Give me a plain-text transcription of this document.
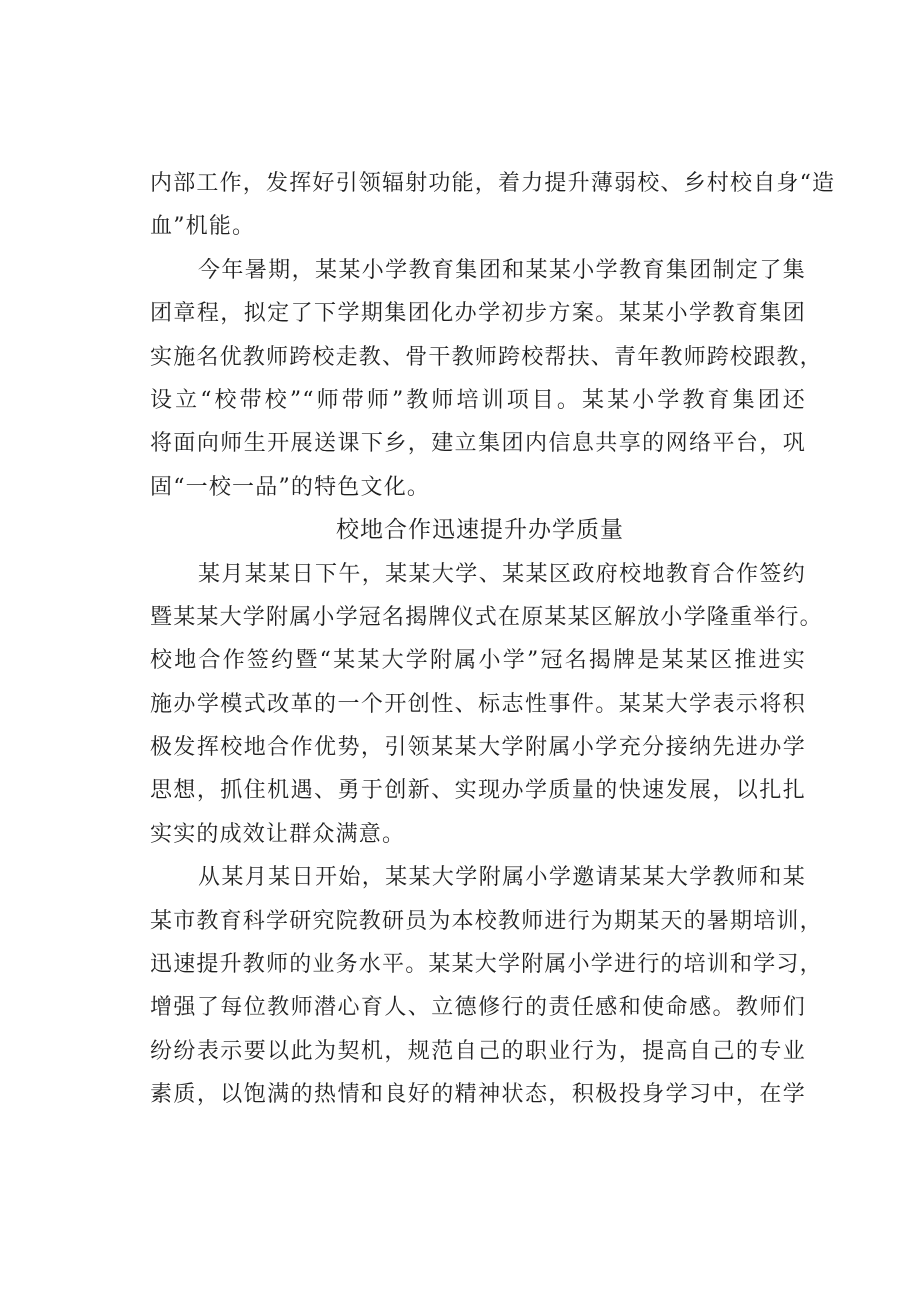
内部工作，发挥好引领辐射功能，着力提升薄弱校、乡村校自身“造
血”机能。
今年暑期，某某小学教育集团和某某小学教育集团制定了集
团章程，拟定了下学期集团化办学初步方案。某某小学教育集团
实施名优教师跨校走教、骨干教师跨校帮扶、青年教师跨校跟教，
设立“校带校”“师带师”教师培训项目。某某小学教育集团还
将面向师生开展送课下乡，建立集团内信息共享的网络平台，巩
固“一校一品”的特色文化。
校地合作迅速提升办学质量
某月某某日下午，某某大学、某某区政府校地教育合作签约
暨某某大学附属小学冠名揭牌仪式在原某某区解放小学隆重举行。
校地合作签约暨“某某大学附属小学”冠名揭牌是某某区推进实
施办学模式改革的一个开创性、标志性事件。某某大学表示将积
极发挥校地合作优势，引领某某大学附属小学充分接纳先进办学
思想，抓住机遇、勇于创新、实现办学质量的快速发展，以扎扎
实实的成效让群众满意。
从某月某日开始，某某大学附属小学邀请某某大学教师和某
某市教育科学研究院教研员为本校教师进行为期某天的暑期培训，
迅速提升教师的业务水平。某某大学附属小学进行的培训和学习，
增强了每位教师潜心育人、立德修行的责任感和使命感。教师们
纷纷表示要以此为契机，规范自己的职业行为，提高自己的专业
素质，以饱满的热情和良好的精神状态，积极投身学习中，在学
